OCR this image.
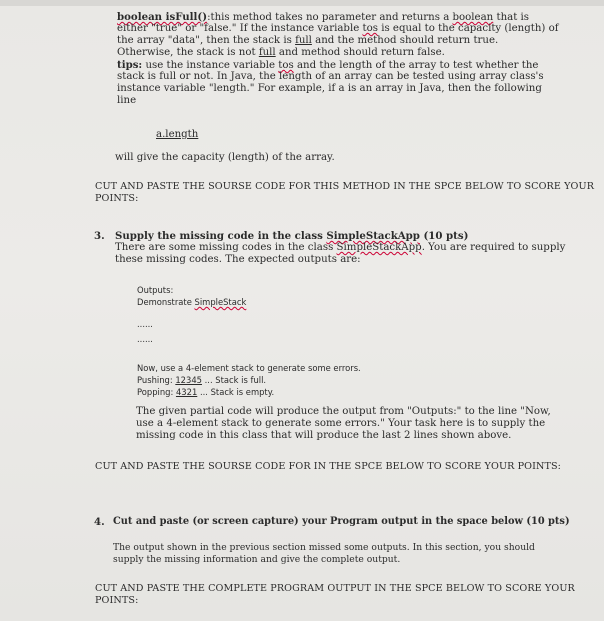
boolean isFull():this method takes no parameter and returns a boolean that is
either "true" or "false." If the instance variable tos is equal to the capacity (length) of
the array "data", then the stack is full and the method should return true.
Otherwise, the stack is not full and method should return false.
tips: use the instance variable tos and the length of the array to test whether the
stack is full or not. In Java, the length of an array can be tested using array class's
instance variable "length." For example, if a is an array in Java, then the following
line
a.length
will give the capacity (length) of the array.
CUT AND PASTE THE SOURSE CODE FOR THIS METHOD IN THE SPCE BELOW TO SCORE YOUR
POINTS:
3. Supply the missing code in the class SimpleStackApp (10 pts)
There are some missing codes in the class SimpleStackApp. You are required to supply
these missing codes. The expected outputs are:
Outputs:
Demonstrate SimpleStack
......
......
Now, use a 4-element stack to generate some errors.
Pushing: 12345 ... Stack is full.
Popping: 4321 ... Stack is empty.
The given partial code will produce the output from "Outputs:" to the line "Now,
use a 4-element stack to generate some errors." Your task here is to supply the
missing code in this class that will produce the last 2 lines shown above.
CUT AND PASTE THE SOURSE CODE FOR IN THE SPCE BELOW TO SCORE YOUR POINTS:
4. Cut and paste (or screen capture) your Program output in the space below (10 pts)
The output shown in the previous section missed some outputs. In this section, you should
supply the missing information and give the complete output.
CUT AND PASTE THE COMPLETE PROGRAM OUTPUT IN THE SPCE BELOW TO SCORE YOUR
POINTS:
